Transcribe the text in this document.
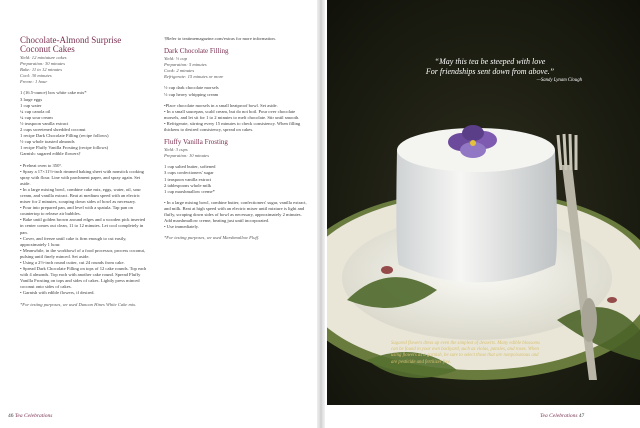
Chocolate-Almond Surprise Coconut Cakes
Yield: 12 miniature cakes
Preparation: 30 minutes
Bake: 11 to 12 minutes
Cool: 30 minutes
Freeze: 1 hour
1 (16.5-ounce) box white cake mix*
3 large eggs
1 cup water
¼ cup canola oil
¼ cup sour cream
½ teaspoon vanilla extract
2 cups sweetened shredded coconut
1 recipe Dark Chocolate Filling (recipe follows)
½ cup whole toasted almonds
1 recipe Fluffy Vanilla Frosting (recipe follows)
Garnish: sugared edible flowers†
• Preheat oven to 350°.
• Spray a 17×11½-inch rimmed baking sheet with nonstick cooking spray with flour. Line with parchment paper, and spray again. Set aside.
• In a large mixing bowl, combine cake mix, eggs, water, oil, sour cream, and vanilla extract. Beat at medium speed with an electric mixer for 2 minutes, scraping down sides of bowl as necessary.
• Pour into prepared pan, and level with a spatula. Tap pan on countertop to release air bubbles.
• Bake until golden brown around edges and a wooden pick inserted in center comes out clean, 11 to 12 minutes. Let cool completely in pan.
• Cover, and freeze until cake is firm enough to cut easily, approximately 1 hour.
• Meanwhile, in the workbowl of a food processor, process coconut, pulsing until finely minced. Set aside.
• Using a 2½-inch round cutter, cut 24 rounds from cake.
• Spread Dark Chocolate Filling on tops of 12 cake rounds. Top each with 4 almonds. Top each with another cake round. Spread Fluffy Vanilla Frosting on tops and sides of cakes. Lightly press minced coconut onto sides of cakes.
• Garnish with edible flowers, if desired.
*For testing purposes, we used Duncan Hines White Cake mix.
†Refer to teatimemagazine.com/extras for more information.
Dark Chocolate Filling
Yield: ½ cup
Preparation: 5 minutes
Cook: 2 minutes
Refrigerate: 15 minutes or more
½ cup dark chocolate morsels
⅓ cup heavy whipping cream
•Place chocolate morsels in a small heatproof bowl. Set aside.
• In a small saucepan, scald cream, but do not boil. Pour over chocolate morsels, and let sit for 1 to 2 minutes to melt chocolate. Stir until smooth.
• Refrigerate, stirring every 15 minutes to check consistency. When filling thickens to desired consistency, spread on cakes.
Fluffy Vanilla Frosting
Yield: 3 cups
Preparation: 10 minutes
1 cup salted butter, softened
3 cups confectioners' sugar
1 teaspoon vanilla extract
2 tablespoons whole milk
1 cup marshmallow creme*
• In a large mixing bowl, combine butter, confectioners' sugar, vanilla extract, and milk. Beat at high speed with an electric mixer until mixture is light and fluffy, scraping down sides of bowl as necessary, approximately 2 minutes. Add marshmallow creme, beating just until incorporated.
• Use immediately.
*For testing purposes, we used Marshmallow Fluff.
46 Tea Celebrations
“May this tea be steeped with love
For friendships sent down from above.”
—Sandy Lynam Clough
Sugared flowers dress up even the simplest of desserts. Many edible blossoms can be found in your own backyard, such as violas, pansies, and roses. When using flowers as a garnish, be sure to select those that are nonpoisonous and are pesticide and fertilizer free.
Tea Celebrations 47
